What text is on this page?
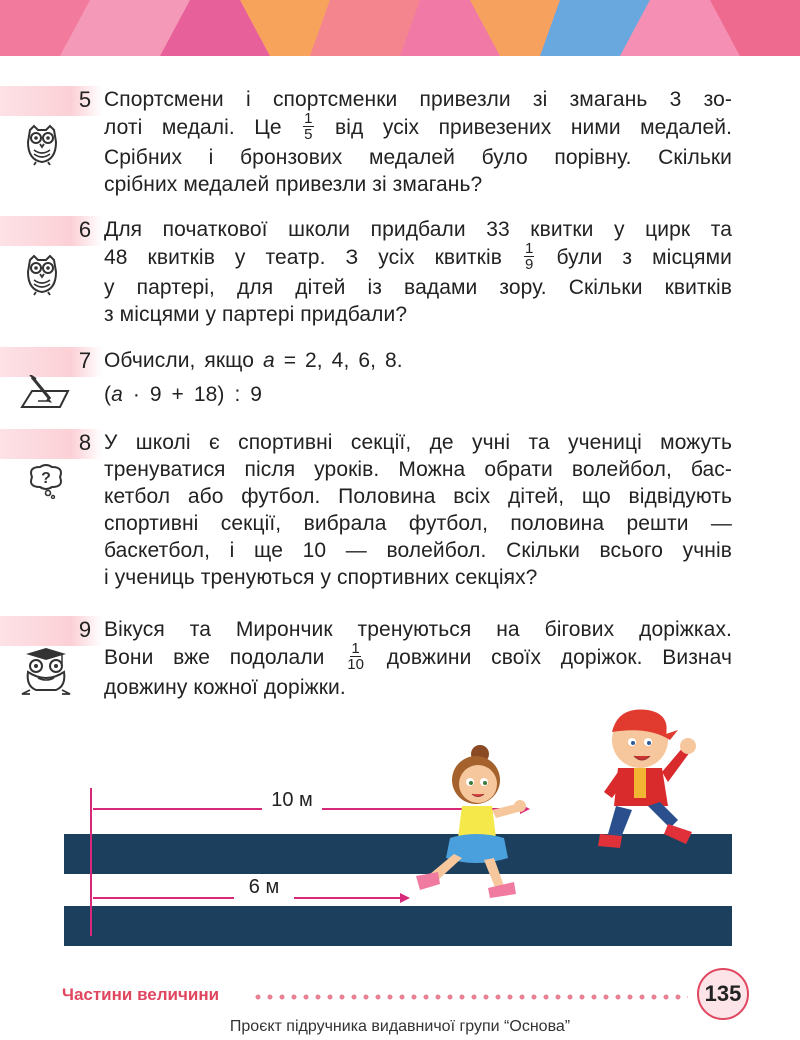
5 Спортсмени і спортсменки привезли зі змагань 3 зо-
лоті медалі. Це $\frac{1}{5}$ від усіх привезених ними медалей.
Срібних і бронзових медалей було порівну. Скільки
срібних медалей привезли зі змагань?
6 Для початкової школи придбали 33 квитки у цирк та
48 квитків у театр. З усіх квитків $\frac{1}{9}$ були з місцями
у партері, для дітей із вадами зору. Скільки квитків
з місцями у партері придбали?
7 Обчисли, якщо a = 2, 4, 6, 8.
(a · 9 + 18) : 9
8
?
У школі є спортивні секції, де учні та учениці можуть
тренуватися після уроків. Можна обрати волейбол, бас-
кетбол або футбол. Половина всіх дітей, що відвідують
спортивні секції, вибрала футбол, половина решти —
баскетбол, і ще 10 — волейбол. Скільки всього учнів
і учениць тренуються у спортивних секціях?
9 Вікуся та Мирончик тренуються на бігових доріжках.
Вони вже подолали $\frac{1}{10}$ довжини своїх доріжок. Визнач
довжину кожної доріжки.
10 м
6 м
Частини величини	135
Проєкт підручника видавничої групи “Основа”
